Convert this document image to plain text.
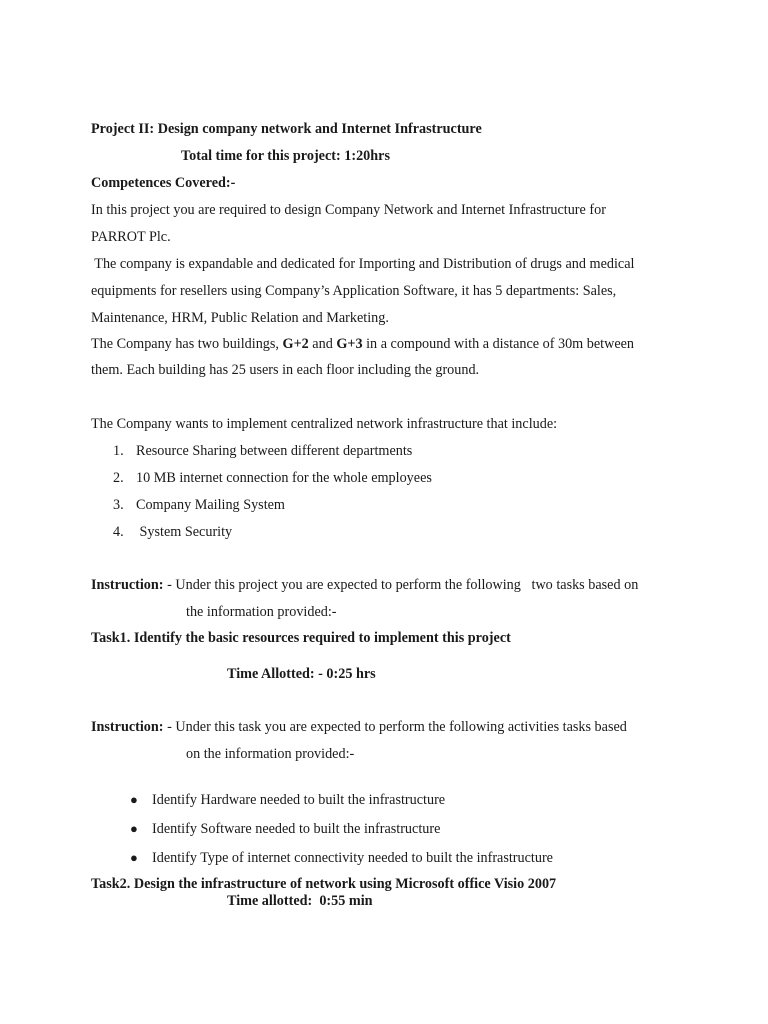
Project II: Design company network and Internet Infrastructure
Total time for this project: 1:20hrs
Competences Covered:-
In this project you are required to design Company Network and Internet Infrastructure for
PARROT Plc.
The company is expandable and dedicated for Importing and Distribution of drugs and medical
equipments for resellers using Company’s Application Software, it has 5 departments: Sales,
Maintenance, HRM, Public Relation and Marketing.
The Company has two buildings, G+2 and G+3 in a compound with a distance of 30m between
them. Each building has 25 users in each floor including the ground.
The Company wants to implement centralized network infrastructure that include:
1. Resource Sharing between different departments
2. 10 MB internet connection for the whole employees
3. Company Mailing System
4. System Security
Instruction: - Under this project you are expected to perform the following   two tasks based on
the information provided:-
Task1. Identify the basic resources required to implement this project
Time Allotted: - 0:25 hrs
Instruction: - Under this task you are expected to perform the following activities tasks based
on the information provided:-
● Identify Hardware needed to built the infrastructure
● Identify Software needed to built the infrastructure
● Identify Type of internet connectivity needed to built the infrastructure
Task2. Design the infrastructure of network using Microsoft office Visio 2007
Time allotted:  0:55 min
